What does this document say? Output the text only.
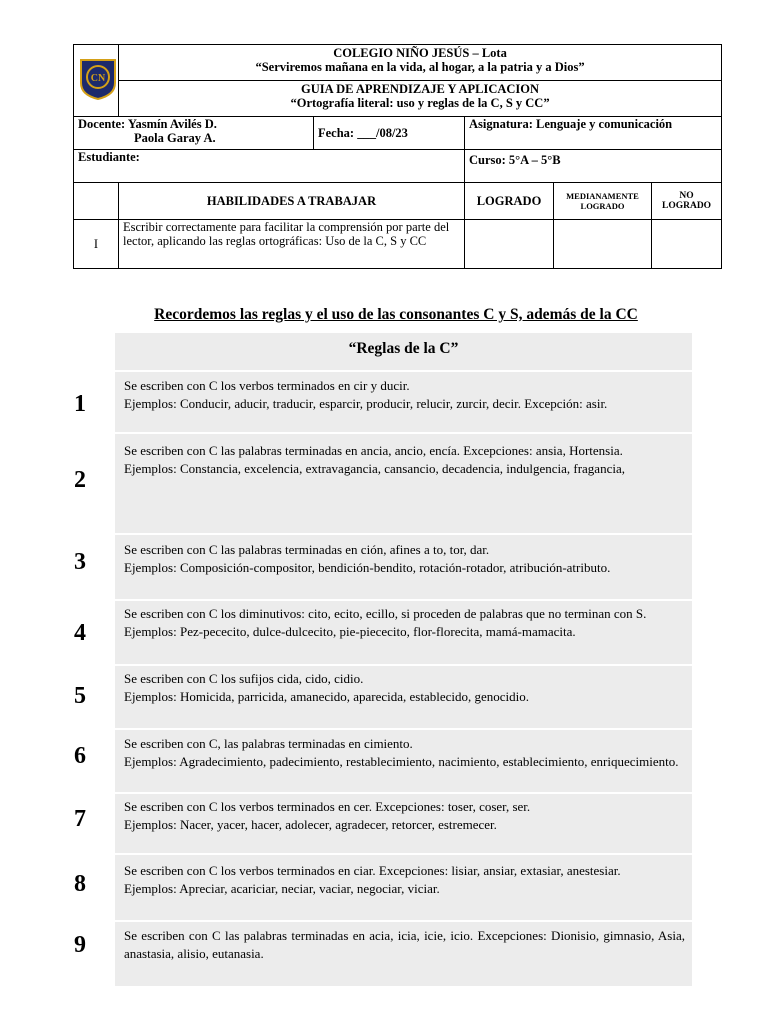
CN	COLEGIO NIÑO JESÚS – Lota
“Serviremos mañana en la vida, al hogar, a la patria y a Dios”				

	GUIA DE APRENDIZAJE Y APLICACION
“Ortografía literal: uso y reglas de la C, S y CC”				

Docente: Yasmín Avilés D.
Paola Garay A.		Fecha: ___/08/23	Asignatura: Lenguaje y comunicación		
Estudiante:			Curso: 5°A – 5°B		
	HABILIDADES A TRABAJAR		LOGRADO	MEDIANAMENTE LOGRADO	NO LOGRADO
I	Escribir correctamente para facilitar la comprensión por parte del lector, aplicando las reglas ortográficas: Uso de la C, S y CC				
Recordemos las reglas y el uso de las consonantes C y S, además de la CC
“Reglas de la C”
1
Se escriben con C los verbos terminados en cir y ducir.
Ejemplos: Conducir, aducir, traducir, esparcir, producir, relucir, zurcir, decir. Excepción: asir.
2
Se escriben con C las palabras terminadas en ancia, ancio, encía. Excepciones: ansia, Hortensia.
Ejemplos: Constancia, excelencia, extravagancia, cansancio, decadencia, indulgencia, fragancia,
3	Se escriben con C las palabras terminadas en ción, afines a to, tor, dar.
Ejemplos: Composición-compositor, bendición-bendito, rotación-rotador, atribución-atributo.
4
Se escriben con C los diminutivos: cito, ecito, ecillo, si proceden de palabras que no terminan con S.
Ejemplos: Pez-pececito, dulce-dulcecito, pie-piececito, flor-florecita, mamá-mamacita.
5
Se escriben con C los sufijos cida, cido, cidio.
Ejemplos: Homicida, parricida, amanecido, aparecida, establecido, genocidio.
6	Se escriben con C, las palabras terminadas en cimiento.
Ejemplos: Agradecimiento, padecimiento, restablecimiento, nacimiento, establecimiento, enriquecimiento.
7	Se escriben con C los verbos terminados en cer. Excepciones: toser, coser, ser.
Ejemplos: Nacer, yacer, hacer, adolecer, agradecer, retorcer, estremecer.
8
Se escriben con C los verbos terminados en ciar. Excepciones: lisiar, ansiar, extasiar, anestesiar.
Ejemplos: Apreciar, acariciar, neciar, vaciar, negociar, viciar.
9	Se escriben con C las palabras terminadas en acia, icia, icie, icio. Excepciones: Dionisio, gimnasio, Asia, anastasia, alisio, eutanasia.
